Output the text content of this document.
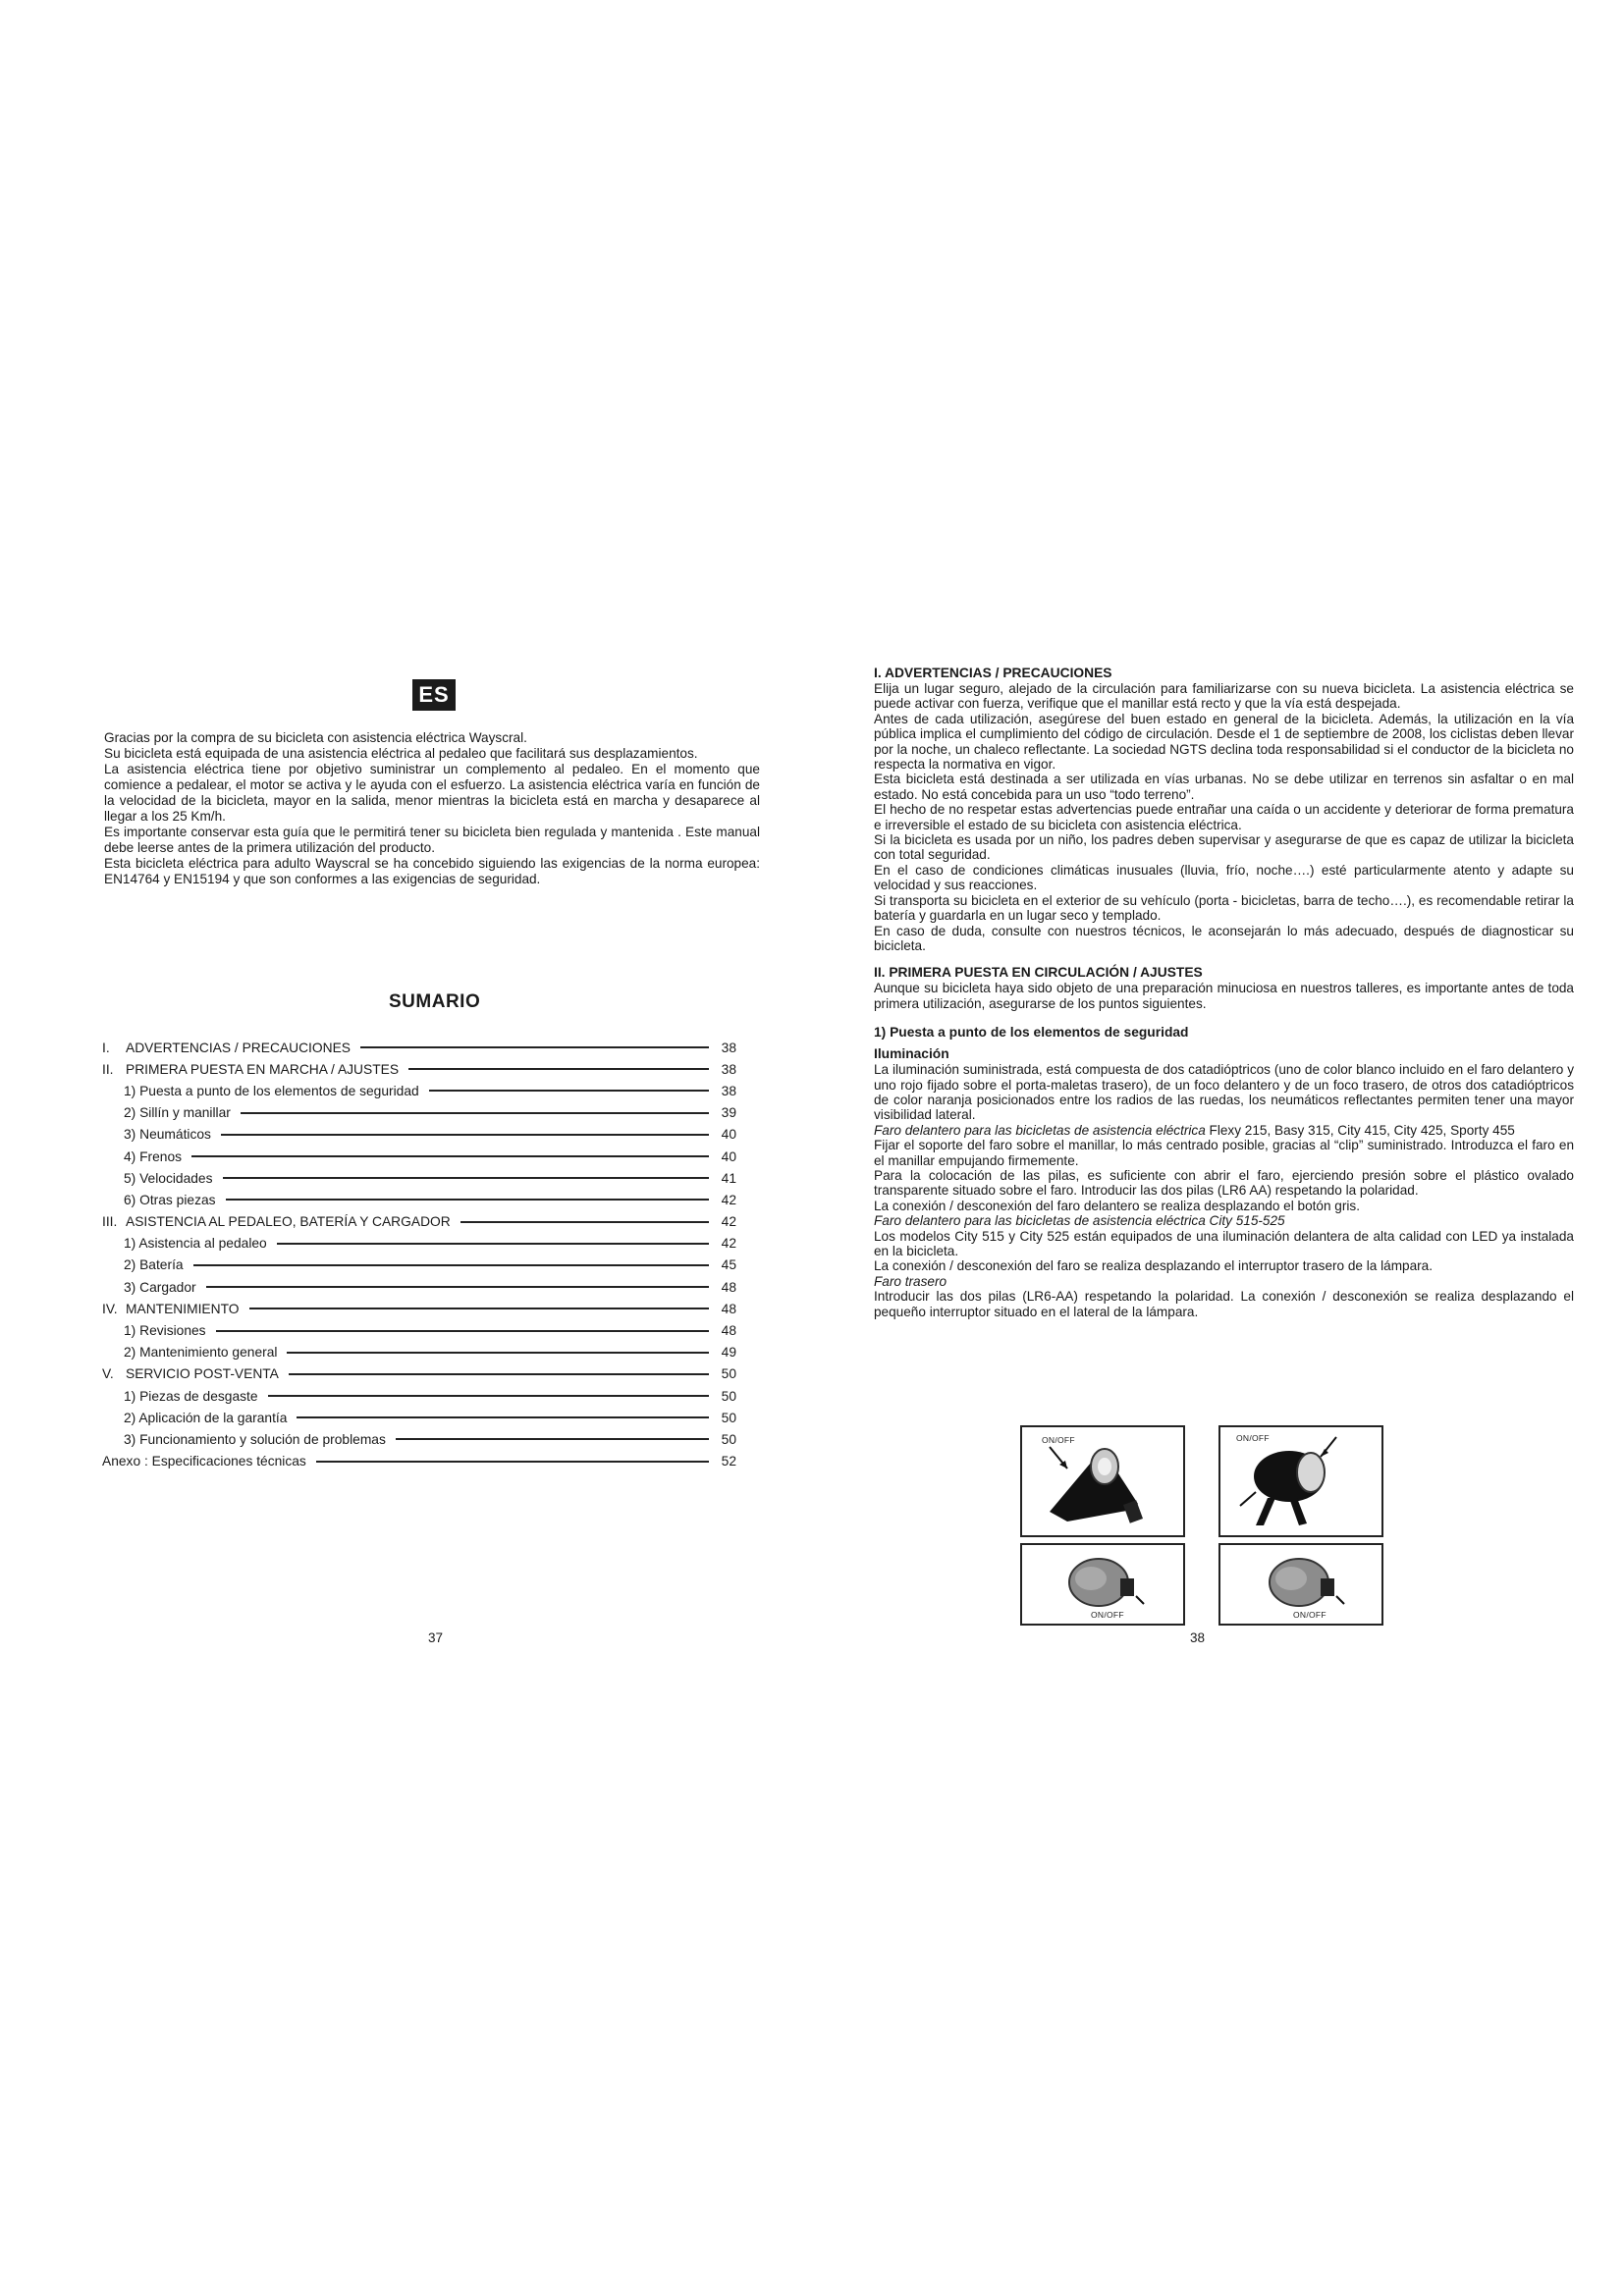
ES

Gracias por la compra de su bicicleta con asistencia eléctrica Wayscral.

Su bicicleta está equipada de una asistencia eléctrica al pedaleo que facilitará sus desplazamientos.

La asistencia eléctrica tiene por objetivo suministrar un complemento al pedaleo. En el momento que comience a pedalear, el motor se activa y le ayuda con el esfuerzo. La asistencia eléctrica varía en función de la velocidad de la bicicleta, mayor en la salida, menor mientras la bicicleta está en marcha y desaparece al llegar a los 25 Km/h.

Es importante conservar esta guía que le permitirá tener su bicicleta bien regulada y mantenida . Este manual debe leerse antes de la primera utilización del producto.

Esta bicicleta eléctrica para adulto Wayscral se ha concebido siguiendo las exigencias de la norma europea: EN14764 y EN15194 y que son conformes a las exigencias de seguridad.

SUMARIO
I. ADVERTENCIAS / PRECAUCIONES	38
II. PRIMERA PUESTA EN MARCHA / AJUSTES	38
1) Puesta a punto de los elementos de seguridad	38
2) Sillín y manillar	39
3) Neumáticos	40
4) Frenos	40
5) Velocidades	41
6) Otras piezas	42
III. ASISTENCIA AL PEDALEO, BATERÍA Y CARGADOR	42
1) Asistencia al pedaleo	42
2) Batería	45
3) Cargador	48
IV. MANTENIMIENTO	48
1) Revisiones	48
2) Mantenimiento general	49
V. SERVICIO POST-VENTA	50
1) Piezas de desgaste	50
2) Aplicación de la garantía	50
3) Funcionamiento y solución de problemas	50
Anexo : Especificaciones técnicas	52
37
I. ADVERTENCIAS / PRECAUCIONES

Elija un lugar seguro, alejado de la circulación para familiarizarse con su nueva bicicleta. La asistencia eléctrica se puede activar con fuerza, verifique que el manillar está recto y que la vía está despejada.

Antes de cada utilización, asegúrese del buen estado en general de la bicicleta. Además, la utilización en la vía pública implica el cumplimiento del código de circulación. Desde el 1 de septiembre de 2008, los ciclistas deben llevar por la noche, un chaleco reflectante. La sociedad NGTS declina toda responsabilidad si el conductor de la bicicleta no respecta la normativa en vigor.

Esta bicicleta está destinada a ser utilizada en vías urbanas. No se debe utilizar en terrenos sin asfaltar o en mal estado. No está concebida para un uso “todo terreno”.

El hecho de no respetar estas advertencias puede entrañar una caída o un accidente y deteriorar de forma prematura e irreversible el estado de su bicicleta con asistencia eléctrica.

Si la bicicleta es usada por un niño, los padres deben supervisar y asegurarse de que es capaz de utilizar la bicicleta con total seguridad.

En el caso de condiciones climáticas inusuales (lluvia, frío, noche….) esté particularmente atento y adapte su velocidad y sus reacciones.

Si transporta su bicicleta en el exterior de su vehículo (porta - bicicletas, barra de techo….), es recomendable retirar la batería y guardarla en un lugar seco y templado.

En caso de duda, consulte con nuestros técnicos, le aconsejarán lo más adecuado, después de diagnosticar su bicicleta.

II. PRIMERA PUESTA EN CIRCULACIÓN / AJUSTES

Aunque su bicicleta haya sido objeto de una preparación minuciosa en nuestros talleres, es importante antes de toda primera utilización, asegurarse de los puntos siguientes.

1) Puesta a punto de los elementos de seguridad
Iluminación

La iluminación suministrada, está compuesta de dos catadióptricos (uno de color blanco incluido en el faro delantero y uno rojo fijado sobre el porta-maletas trasero), de un foco delantero y de un foco trasero, de otros dos catadióptricos de color naranja posicionados entre los radios de las ruedas, los neumáticos reflectantes permiten tener una mayor visibilidad lateral.

Faro delantero para las bicicletas de asistencia eléctrica Flexy 215, Basy 315, City 415, City 425, Sporty 455

Fijar el soporte del faro sobre el manillar, lo más centrado posible, gracias al “clip” suministrado. Introduzca el faro en el manillar empujando firmemente.

Para la colocación de las pilas, es suficiente con abrir el faro, ejerciendo presión sobre el plástico ovalado transparente situado sobre el faro. Introducir las dos pilas (LR6 AA) respetando la polaridad.

La conexión / desconexión del faro delantero se realiza desplazando el botón gris.

Faro delantero para las bicicletas de asistencia eléctrica City 515-525

Los modelos City 515 y City 525 están equipados de una iluminación delantera de alta calidad con LED ya instalada en la bicicleta.

La conexión / desconexión del faro se realiza desplazando el interruptor trasero de la lámpara.

Faro trasero

Introducir las dos pilas (LR6-AA) respetando la polaridad. La conexión / desconexión se realiza desplazando el pequeño interruptor situado en el lateral de la lámpara.

ON/OFF	ON/OFF
ON/OFF	ON/OFF
38
